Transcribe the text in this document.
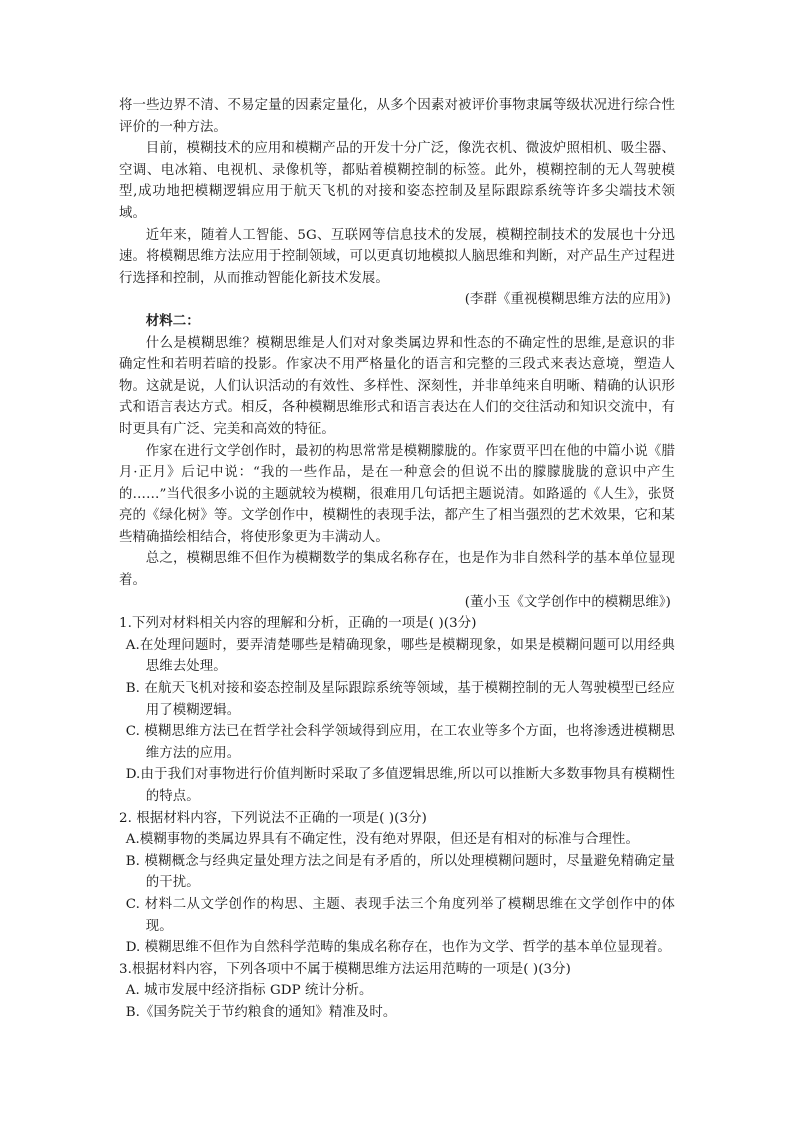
将一些边界不清、不易定量的因素定量化，从多个因素对被评价事物隶属等级状况进行综合性评价的一种方法。

目前，模糊技术的应用和模糊产品的开发十分广泛，像洗衣机、微波炉照相机、吸尘器、空调、电冰箱、电视机、录像机等，都贴着模糊控制的标签。此外，模糊控制的无人驾驶模型,成功地把模糊逻辑应用于航天飞机的对接和姿态控制及星际跟踪系统等许多尖端技术领域。

近年来，随着人工智能、5G、互联网等信息技术的发展，模糊控制技术的发展也十分迅速。将模糊思维方法应用于控制领域，可以更真切地模拟人脑思维和判断，对产品生产过程进行选择和控制，从而推动智能化新技术发展。

(李群《重视模糊思维方法的应用》)

材料二：

什么是模糊思维？模糊思维是人们对对象类属边界和性态的不确定性的思维,是意识的非确定性和若明若暗的投影。作家决不用严格量化的语言和完整的三段式来表达意境，塑造人物。这就是说，人们认识活动的有效性、多样性、深刻性，并非单纯来自明晰、精确的认识形式和语言表达方式。相反，各种模糊思维形式和语言表达在人们的交往活动和知识交流中，有时更具有广泛、完美和高效的特征。

作家在进行文学创作时，最初的构思常常是模糊朦胧的。作家贾平凹在他的中篇小说《腊月·正月》后记中说：“我的一些作品，是在一种意会的但说不出的朦朦胧胧的意识中产生的……”当代很多小说的主题就较为模糊，很难用几句话把主题说清。如路遥的《人生》，张贤亮的《绿化树》等。文学创作中，模糊性的表现手法，都产生了相当强烈的艺术效果，它和某些精确描绘相结合，将使形象更为丰满动人。

总之，模糊思维不但作为模糊数学的集成名称存在，也是作为非自然科学的基本单位显现着。

(董小玉《文学创作中的模糊思维》)

1.下列对材料相关内容的理解和分析，正确的一项是( )(3分)

A.在处理问题时，要弄清楚哪些是精确现象，哪些是模糊现象，如果是模糊问题可以用经典思维去处理。

B. 在航天飞机对接和姿态控制及星际跟踪系统等领域，基于模糊控制的无人驾驶模型已经应用了模糊逻辑。

C. 模糊思维方法已在哲学社会科学领域得到应用，在工农业等多个方面，也将渗透进模糊思维方法的应用。

D.由于我们对事物进行价值判断时采取了多值逻辑思维,所以可以推断大多数事物具有模糊性的特点。

2. 根据材料内容，下列说法不正确的一项是( )(3分)

A.模糊事物的类属边界具有不确定性，没有绝对界限，但还是有相对的标准与合理性。

B. 模糊概念与经典定量处理方法之间是有矛盾的，所以处理模糊问题时，尽量避免精确定量的干扰。

C. 材料二从文学创作的构思、主题、表现手法三个角度列举了模糊思维在文学创作中的体现。

D. 模糊思维不但作为自然科学范畴的集成名称存在，也作为文学、哲学的基本单位显现着。

3.根据材料内容，下列各项中不属于模糊思维方法运用范畴的一项是( )(3分)

A. 城市发展中经济指标 GDP 统计分析。

B.《国务院关于节约粮食的通知》精准及时。
